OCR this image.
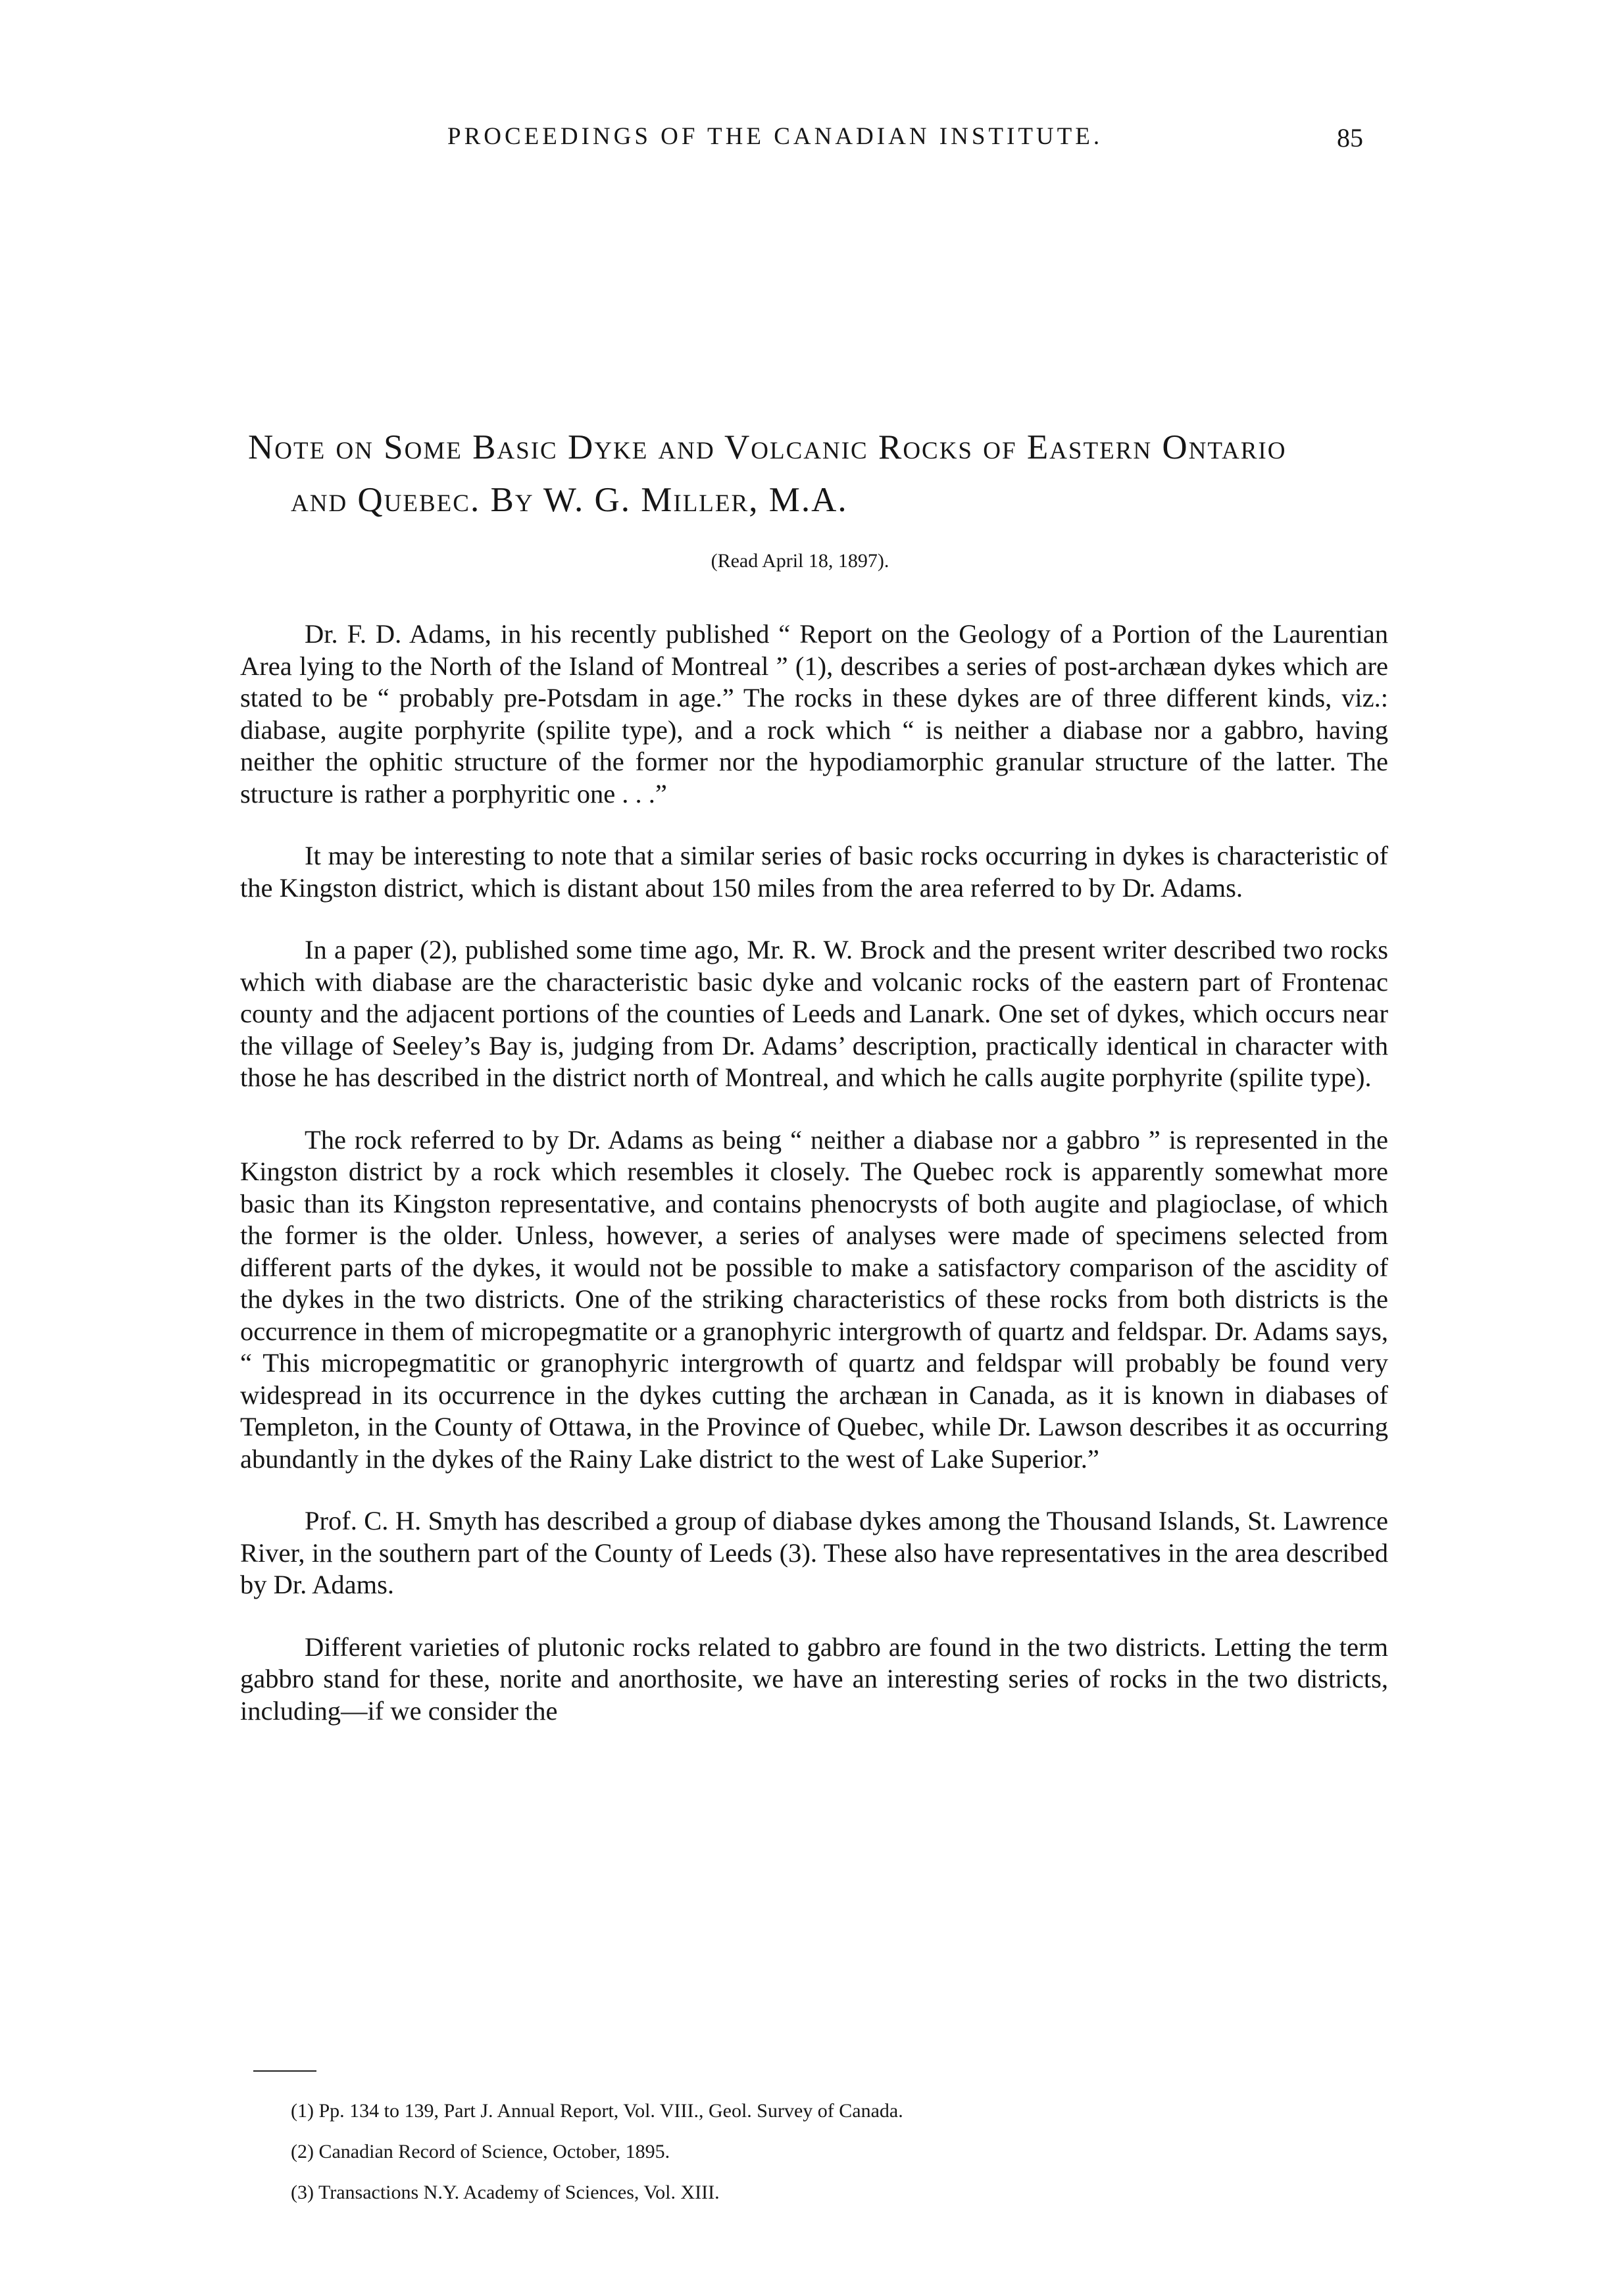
PROCEEDINGS OF THE CANADIAN INSTITUTE.	85
Note on Some Basic Dyke and Volcanic Rocks of Eastern Ontario
and Quebec. By W. G. Miller, M.A.
(Read April 18, 1897).

Dr. F. D. Adams, in his recently published “ Report on the Geology of a Portion of the Laurentian Area lying to the North of the Island of Montreal ” (1), describes a series of post-archæan dykes which are stated to be “ probably pre-Potsdam in age.” The rocks in these dykes are of three different kinds, viz.: diabase, augite porphyrite (spilite type), and a rock which “ is neither a diabase nor a gabbro, having neither the ophitic structure of the former nor the hypodiamorphic granular structure of the latter. The structure is rather a porphyritic one . . .”

It may be interesting to note that a similar series of basic rocks occurring in dykes is characteristic of the Kingston district, which is distant about 150 miles from the area referred to by Dr. Adams.

In a paper (2), published some time ago, Mr. R. W. Brock and the present writer described two rocks which with diabase are the characteristic basic dyke and volcanic rocks of the eastern part of Frontenac county and the adjacent portions of the counties of Leeds and Lanark. One set of dykes, which occurs near the village of Seeley’s Bay is, judging from Dr. Adams’ description, practically identical in character with those he has described in the district north of Montreal, and which he calls augite porphyrite (spilite type).

The rock referred to by Dr. Adams as being “ neither a diabase nor a gabbro ” is represented in the Kingston district by a rock which resembles it closely. The Quebec rock is apparently somewhat more basic than its Kingston representative, and contains phenocrysts of both augite and plagioclase, of which the former is the older. Unless, however, a series of analyses were made of specimens selected from different parts of the dykes, it would not be possible to make a satisfactory comparison of the ascidity of the dykes in the two districts. One of the striking characteristics of these rocks from both districts is the occurrence in them of micropegmatite or a granophyric intergrowth of quartz and feldspar. Dr. Adams says, “ This micropegmatitic or granophyric intergrowth of quartz and feldspar will probably be found very widespread in its occurrence in the dykes cutting the archæan in Canada, as it is known in diabases of Templeton, in the County of Ottawa, in the Province of Quebec, while Dr. Lawson describes it as occurring abundantly in the dykes of the Rainy Lake district to the west of Lake Superior.”

Prof. C. H. Smyth has described a group of diabase dykes among the Thousand Islands, St. Lawrence River, in the southern part of the County of Leeds (3). These also have representatives in the area described by Dr. Adams.

Different varieties of plutonic rocks related to gabbro are found in the two districts. Letting the term gabbro stand for these, norite and anorthosite, we have an interesting series of rocks in the two districts, including—if we consider the

(1) Pp. 134 to 139, Part J. Annual Report, Vol. VIII., Geol. Survey of Canada.
(2) Canadian Record of Science, October, 1895.
(3) Transactions N.Y. Academy of Sciences, Vol. XIII.
